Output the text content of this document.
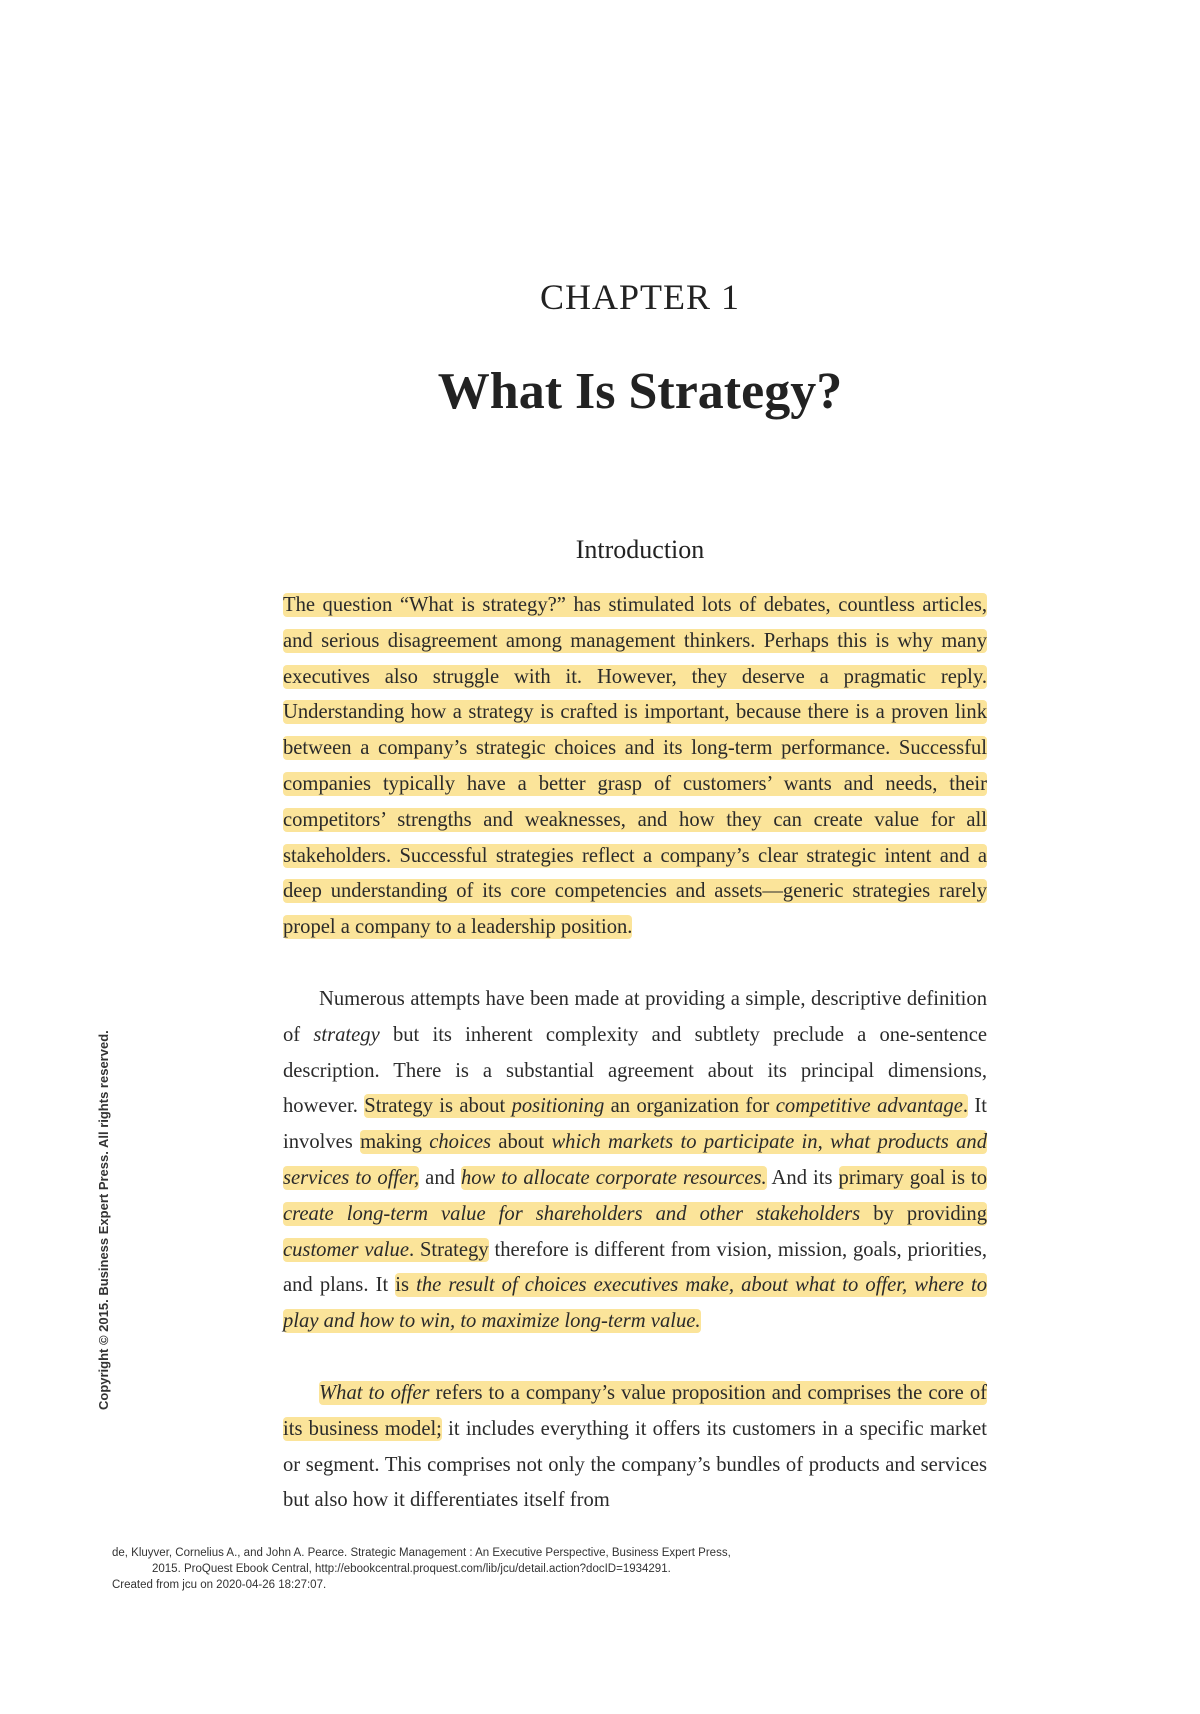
CHAPTER 1
What Is Strategy?
Introduction
The question “What is strategy?” has stimulated lots of debates, countless articles, and serious disagreement among management thinkers. Perhaps this is why many executives also struggle with it. However, they deserve a pragmatic reply. Understanding how a strategy is crafted is important, because there is a proven link between a company’s strategic choices and its long-term performance. Successful companies typically have a better grasp of customers’ wants and needs, their competitors’ strengths and weaknesses, and how they can create value for all stakeholders. Successful strategies reflect a company’s clear strategic intent and a deep understanding of its core competencies and assets—generic strategies rarely propel a company to a leadership position.
Numerous attempts have been made at providing a simple, descriptive definition of strategy but its inherent complexity and subtlety preclude a one-sentence description. There is a substantial agreement about its principal dimensions, however. Strategy is about positioning an organization for competitive advantage. It involves making choices about which markets to participate in, what products and services to offer, and how to allocate corporate resources. And its primary goal is to create long-term value for shareholders and other stakeholders by providing customer value. Strategy therefore is different from vision, mission, goals, priorities, and plans. It is the result of choices executives make, about what to offer, where to play and how to win, to maximize long-term value.
What to offer refers to a company’s value proposition and comprises the core of its business model; it includes everything it offers its customers in a specific market or segment. This comprises not only the company’s bundles of products and services but also how it differentiates itself from
Copyright © 2015. Business Expert Press. All rights reserved.
de, Kluyver, Cornelius A., and John A. Pearce. Strategic Management : An Executive Perspective, Business Expert Press,
2015. ProQuest Ebook Central, http://ebookcentral.proquest.com/lib/jcu/detail.action?docID=1934291.
Created from jcu on 2020-04-26 18:27:07.
